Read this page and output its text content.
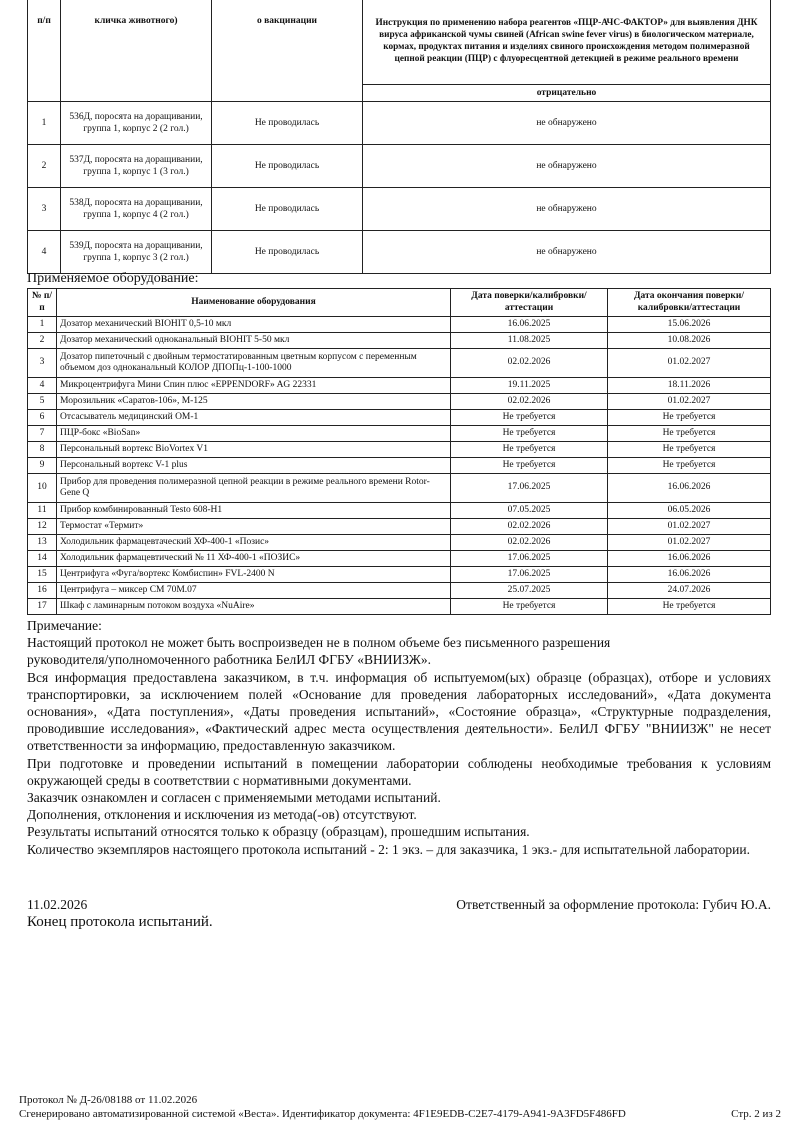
п/п	кличка животного)	о вакцинации	Инструкция по применению набора реагентов «ПЦР-АЧС-ФАКТОР» для выявления ДНК вируса африканской чумы свиней (African swine fever virus) в биологическом материале, кормах, продуктах питания и изделиях свиного происхождения методом полимеразной цепной реакции (ПЦР) с флуоресцентной детекцией в режиме реального времени
			отрицательно
1	536Д, поросята на доращивании, группа 1, корпус 2 (2 гол.)	Не проводилась	не обнаружено
2	537Д, поросята на доращивании, группа 1, корпус 1 (3 гол.)	Не проводилась	не обнаружено
3	538Д, поросята на доращивании, группа 1, корпус 4 (2 гол.)	Не проводилась	не обнаружено
4	539Д, поросята на доращивании, группа 1, корпус 3 (2 гол.)	Не проводилась	не обнаружено
Применяемое оборудование:
№ п/п	Наименование оборудования	Дата поверки/калибровки/аттестации	Дата окончания поверки/калибровки/аттестации
1	Дозатор механический BIOHIT 0,5-10 мкл	16.06.2025	15.06.2026
2	Дозатор механический одноканальный BIOHIT 5-50 мкл	11.08.2025	10.08.2026
3	Дозатор пипеточный с двойным термостатированным цветным корпусом с переменным объемом доз одноканальный КОЛОР ДПОПц-1-100-1000	02.02.2026	01.02.2027
4	Микроцентрифуга Мини Спин плюс «EPPENDORF» AG 22331	19.11.2025	18.11.2026
5	Морозильник «Саратов-106», М-125	02.02.2026	01.02.2027
6	Отсасыватель медицинский ОМ-1	Не требуется	Не требуется
7	ПЦР-бокс «BioSan»	Не требуется	Не требуется
8	Персональный вортекс BioVortex V1	Не требуется	Не требуется
9	Персональный вортекс V-1 plus	Не требуется	Не требуется
10	Прибор для проведения полимеразной цепной реакции в режиме реального времени Rotor-Gene Q	17.06.2025	16.06.2026
11	Прибор комбинированный Testo 608-H1	07.05.2025	06.05.2026
12	Термостат «Термит»	02.02.2026	01.02.2027
13	Холодильник фармацевтаческий ХФ-400-1 «Позис»	02.02.2026	01.02.2027
14	Холодильник фармацевтический № 11 ХФ-400-1 «ПОЗИС»	17.06.2025	16.06.2026
15	Центрифуга «Фуга/вортекс Комбиспин» FVL-2400 N	17.06.2025	16.06.2026
16	Центрифуга – миксер СМ 70М.07	25.07.2025	24.07.2026
17	Шкаф с ламинарным потоком воздуха «NuAire»	Не требуется	Не требуется

Примечание:

Настоящий протокол не может быть воспроизведен не в полном объеме без письменного разрешения руководителя/уполномоченного работника БелИЛ ФГБУ «ВНИИЗЖ».

Вся информация предоставлена заказчиком, в т.ч. информация об испытуемом(ых) образце (образцах), отборе и условиях транспортировки, за исключением полей «Основание для проведения лабораторных исследований», «Дата документа основания», «Дата поступления», «Даты проведения испытаний», «Состояние образца», «Структурные подразделения, проводившие исследования», «Фактический адрес места осуществления деятельности». БелИЛ ФГБУ "ВНИИЗЖ" не несет ответственности за информацию, предоставленную заказчиком.

При подготовке и проведении испытаний в помещении лаборатории соблюдены необходимые требования к условиям окружающей среды в соответствии с нормативными документами.

Заказчик ознакомлен и согласен с применяемыми методами испытаний.

Дополнения, отклонения и исключения из метода(-ов) отсутствуют.

Результаты испытаний относятся только к образцу (образцам), прошедшим испытания.

Количество экземпляров настоящего протокола испытаний - 2: 1 экз. – для заказчика, 1 экз.- для испытательной лаборатории.

11.02.2026	Ответственный за оформление протокола: Губич Ю.А.
Конец протокола испытаний.
Протокол № Д-26/08188 от 11.02.2026
Сгенерировано автоматизированной системой «Веста». Идентификатор документа: 4F1E9EDB-C2E7-4179-A941-9A3FD5F486FD	Стр. 2 из 2
